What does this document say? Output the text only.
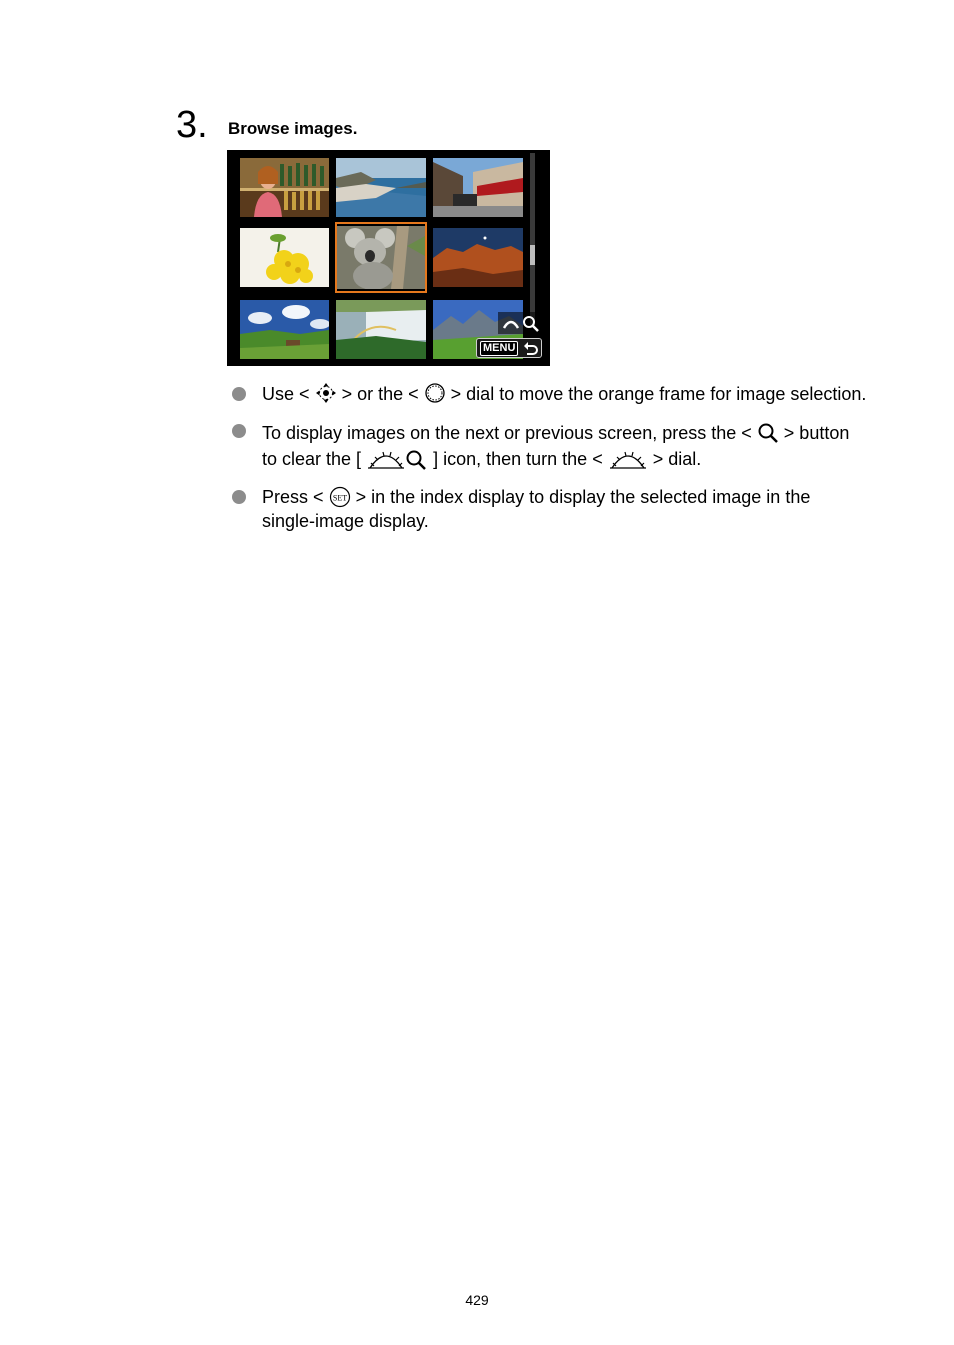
3. Browse images.
MENU
Use < > or the < > dial to move the orange frame for image selection.
To display images on the next or previous screen, press the < > button to clear the [	] icon, then turn the <	> dial.
Press < SET > in the index display to display the selected image in the single-image display.
429
